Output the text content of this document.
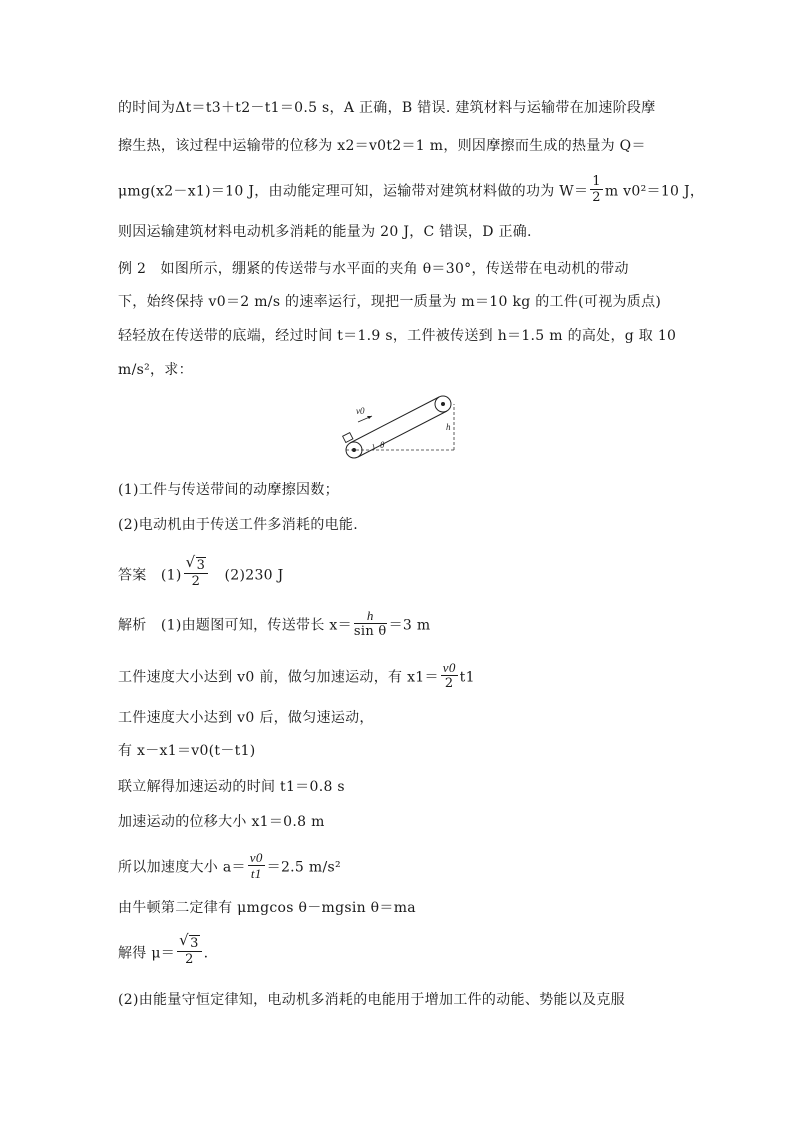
的时间为Δt＝t3＋t2－t1＝0.5 s，A 正确，B 错误. 建筑材料与运输带在加速阶段摩
擦生热，该过程中运输带的位移为 x2＝v0t2＝1 m，则因摩擦而生成的热量为 Q＝
μmg(x2－x1)＝10 J，由动能定理可知，运输带对建筑材料做的功为 $W= \frac{1}{2}$ m v0²＝10 J，
则因运输建筑材料电动机多消耗的能量为 20 J，C 错误，D 正确.
例 2　如图所示，绷紧的传送带与水平面的夹角 θ＝30°，传送带在电动机的带动
下，始终保持 v0＝2 m/s 的速率运行，现把一质量为 m＝10 kg 的工件(可视为质点)
轻轻放在传送带的底端，经过时间 t＝1.9 s，工件被传送到 h＝1.5 m 的高处，g 取 10
m/s²，求：
v0
h
θ
(1)工件与传送带间的动摩擦因数；
(2)电动机由于传送工件多消耗的电能.
答案　$(1) \frac{√ 3}{2}$
　 (2)230 J
解析　(1)由题图可知，传送带长 $x= \frac{h}{\text{sin θ}} =3$ m
工件速度大小达到 v0 前，做匀加速运动，有 $x1= \frac{v0}{2} t1$
工件速度大小达到 v0 后，做匀速运动，
有 x－x1＝v0(t－t1)
联立解得加速运动的时间 t1＝0.8 s
加速运动的位移大小 x1＝0.8 m
所以加速度大小 $a= \frac{v0}{t1} =2.5$ m/s²
由牛顿第二定律有 μmgcos θ－mgsin θ＝ma
解得 $\mu= \frac{√ 3}{2}$ .
(2)由能量守恒定律知，电动机多消耗的电能用于增加工件的动能、势能以及克服
